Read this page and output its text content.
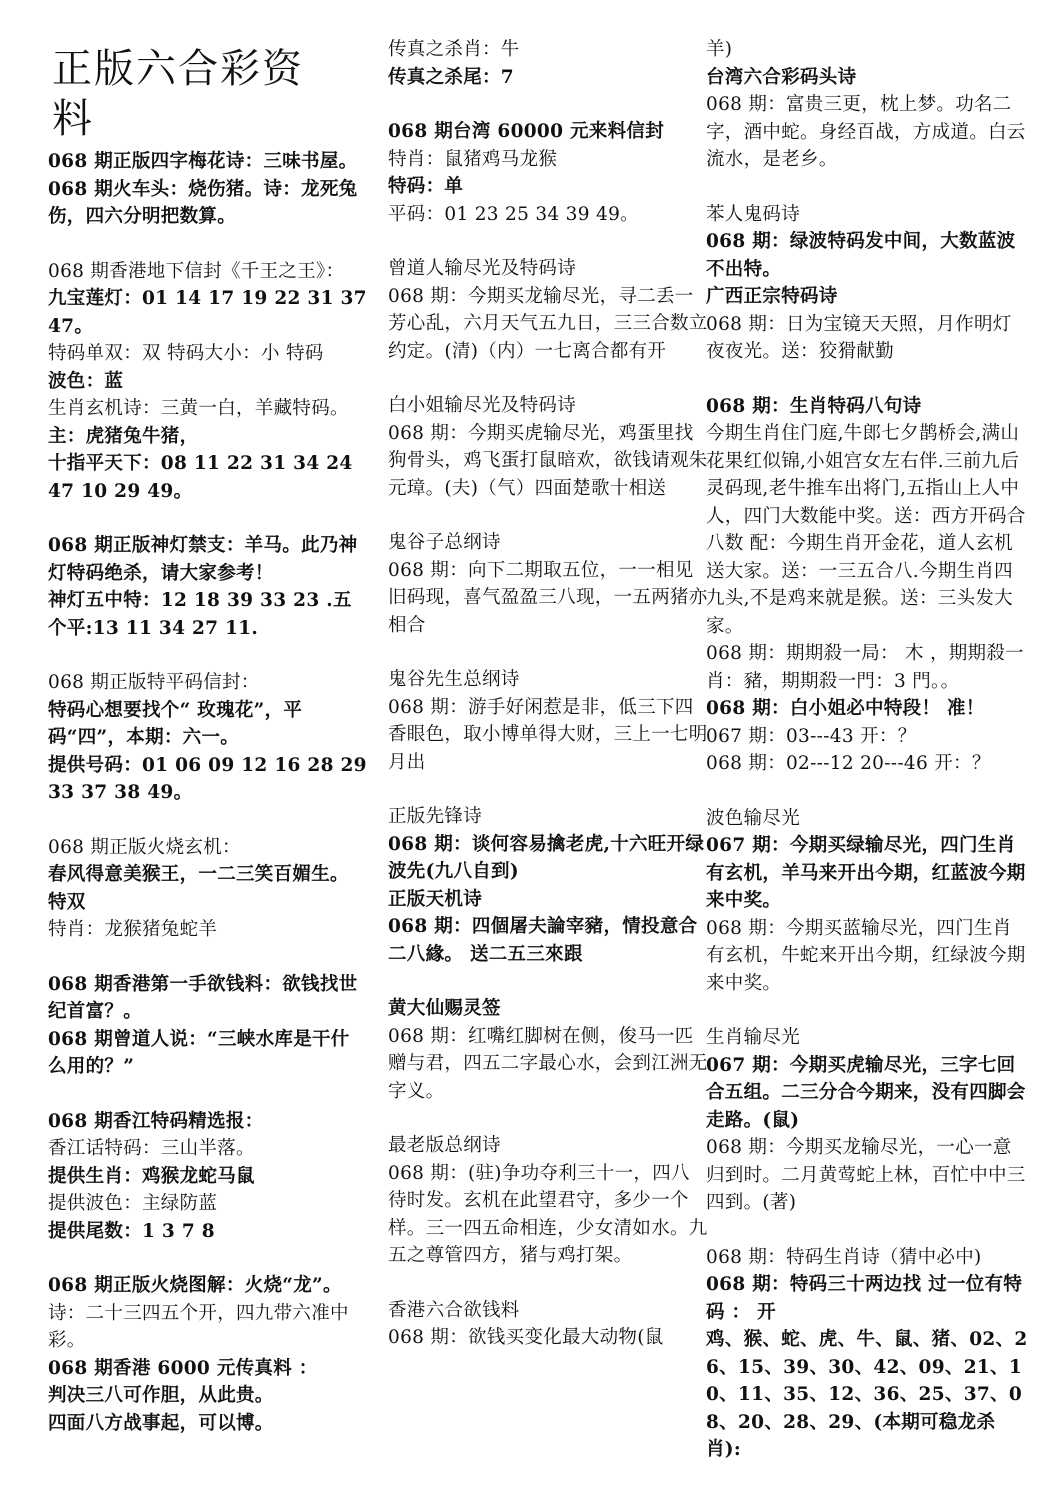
正版六合彩资料
068 期正版四字梅花诗：三味书屋。
068 期火车头：烧伤猪。诗：龙死兔伤，四六分明把数算。
068 期香港地下信封《千王之王》：
九宝莲灯：01 14 17 19 22 31 37 47。
特码单双：双 特码大小：小 特码
波色：蓝
生肖玄机诗：三黄一白，羊藏特码。
主：虎猪兔牛猪，
十指平天下：08 11 22 31 34 24 47 10 29 49。
068 期正版神灯禁支：羊马。此乃神灯特码绝杀，请大家参考！
神灯五中特：12 18 39 33 23 .五个平:13 11 34 27 11.
068 期正版特平码信封：
特码心想要找个“ 玫瑰花”，平码“四”，本期：六一。
提供号码：01 06 09 12 16 28 29 33 37 38 49。
068 期正版火烧玄机：
春风得意美猴王，一二三笑百媚生。
特双
特肖：龙猴猪兔蛇羊
068 期香港第一手欲钱料：欲钱找世纪首富？。
068 期曾道人说：“三峡水库是干什么用的？”
068 期香江特码精选报：
香江话特码：三山半落。
提供生肖：鸡猴龙蛇马鼠
提供波色：主绿防蓝
提供尾数：1 3 7 8
068 期正版火烧图解：火烧“龙”。
诗：二十三四五个开，四九带六准中彩。
068 期香港 6000 元传真料 ：
判决三八可作胆，从此贵。
四面八方战事起，可以博。
传真之杀肖：牛
传真之杀尾：7
068 期台湾 60000 元来料信封
特肖：鼠猪鸡马龙猴
特码：单
平码：01 23 25 34 39 49。
曾道人输尽光及特码诗
068 期：今期买龙输尽光，寻二丢一芳心乱，六月天气五九日，三三合数立约定。(清)（内）一七离合都有开
白小姐输尽光及特码诗
068 期：今期买虎输尽光，鸡蛋里找狗骨头，鸡飞蛋打鼠暗欢，欲钱请观朱元璋。(夫)（气）四面楚歌十相送
鬼谷子总纲诗
068 期：向下二期取五位，一一相见旧码现，喜气盈盈三八现，一五两猪亦相合
鬼谷先生总纲诗
068 期：游手好闲惹是非，低三下四香眼色，取小博单得大财，三上一七明月出
正版先锋诗
068 期：谈何容易擒老虎,十六旺开绿波先(九八自到)
正版天机诗
068 期：四個屠夫論宰豬，情投意合二八緣。 送二五三來跟
黄大仙赐灵签
068 期：红嘴红脚树在侧，俊马一匹赠与君，四五二字最心水，会到江洲无字义。
最老版总纲诗
068 期：(驻)争功夺利三十一，四八待时发。玄机在此望君守，多少一个样。三一四五命相连，少女清如水。九五之尊管四方，猪与鸡打架。
香港六合欲钱料
068 期：欲钱买变化最大动物(鼠
羊)
台湾六合彩码头诗
068 期：富贵三更，枕上梦。功名二字，酒中蛇。身经百战，方成道。白云流水，是老乡。
苯人鬼码诗
068 期：绿波特码发中间，大数蓝波不出特。
广西正宗特码诗
068 期：日为宝镜天天照，月作明灯夜夜光。送：狡猾献勤
068 期：生肖特码八句诗
今期生肖住门庭,牛郎七夕鹊桥会,满山花果红似锦,小姐宫女左右伴.三前九后灵码现,老牛推车出将门,五指山上人中人，四门大数能中奖。送：西方开码合八数 配：今期生肖开金花，道人玄机送大家。送：一三五合八.今期生肖四九头,不是鸡来就是猴。送：三头发大家。
068 期：期期殺一局： 木 ，期期殺一肖：豬，期期殺一門：3 門。。
068 期：白小姐必中特段！ 准！
067 期：03---43 开：？
068 期：02---12 20---46 开：？
波色输尽光
067 期：今期买绿输尽光，四门生肖有玄机，羊马来开出今期，红蓝波今期来中奖。
068 期：今期买蓝输尽光，四门生肖有玄机，牛蛇来开出今期，红绿波今期来中奖。
生肖输尽光
067 期：今期买虎输尽光，三字七回合五组。二三分合今期来，没有四脚会走路。(鼠)
068 期：今期买龙输尽光，一心一意归到时。二月黄莺蛇上林，百忙中中三四到。(著)
068 期：特码生肖诗（猜中必中)
068 期：特码三十两边找 过一位有特码 ： 开
鸡、猴、蛇、虎、牛、鼠、猪、02、26、15、39、30、42、09、21、10、11、35、12、36、25、37、08、20、28、29、(本期可稳龙杀肖):
